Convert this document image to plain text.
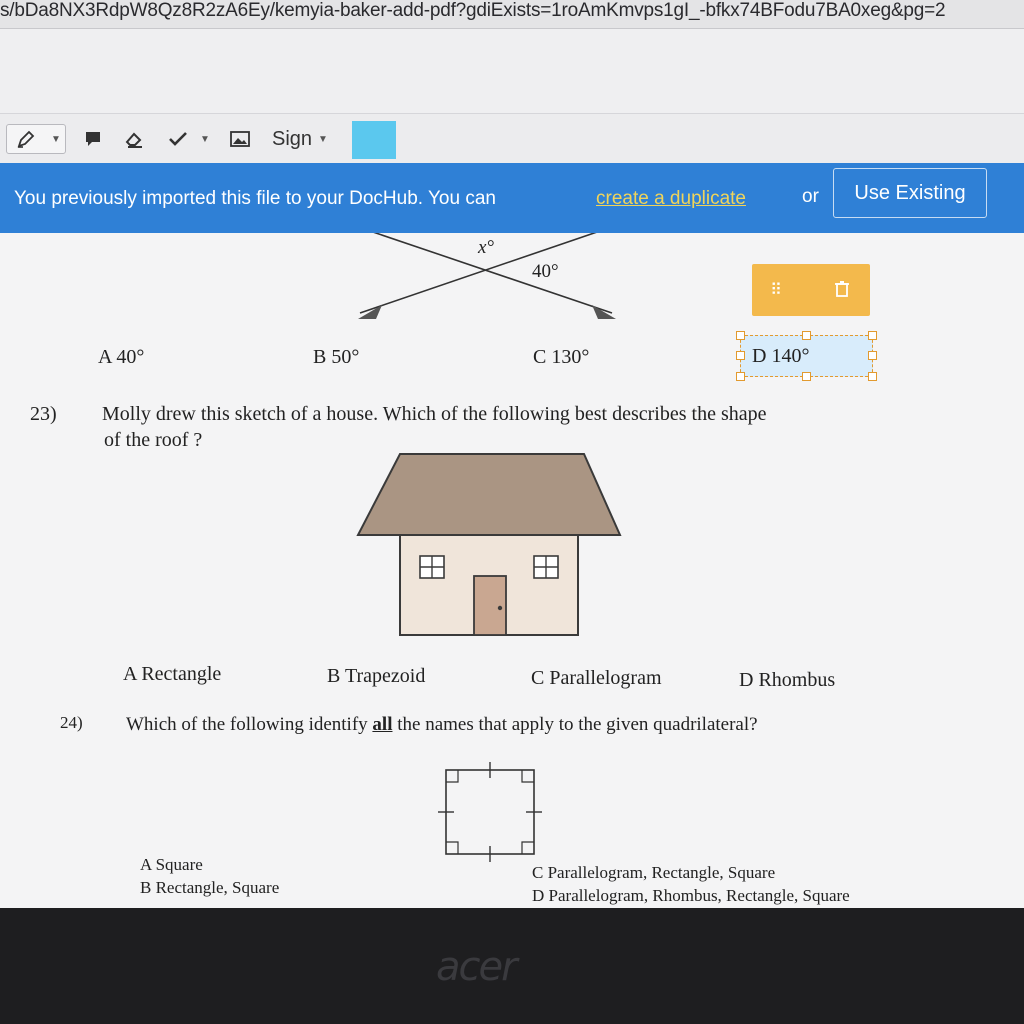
s/bDa8NX3RdpW8Qz8R2zA6Ey/kemyia-baker-add-pdf?gdiExists=1roAmKmvps1gI_-bfkx74BFodu7BA0xeg&pg=2
▼	▼	Sign ▼
You previously imported this file to your DocHub. You can	create a duplicate	or	Use Existing
x°
40°
A 40°	B 50°	C 130°	D 140°
⠿
23) Molly drew this sketch of a house. Which of the following best describes the shape
of the roof ?
A Rectangle	B Trapezoid	C Parallelogram	D Rhombus
24) Which of the following identify all the names that apply to the given quadrilateral?
A Square
B Rectangle, Square
C Parallelogram, Rectangle, Square
D Parallelogram, Rhombus, Rectangle, Square
acer
